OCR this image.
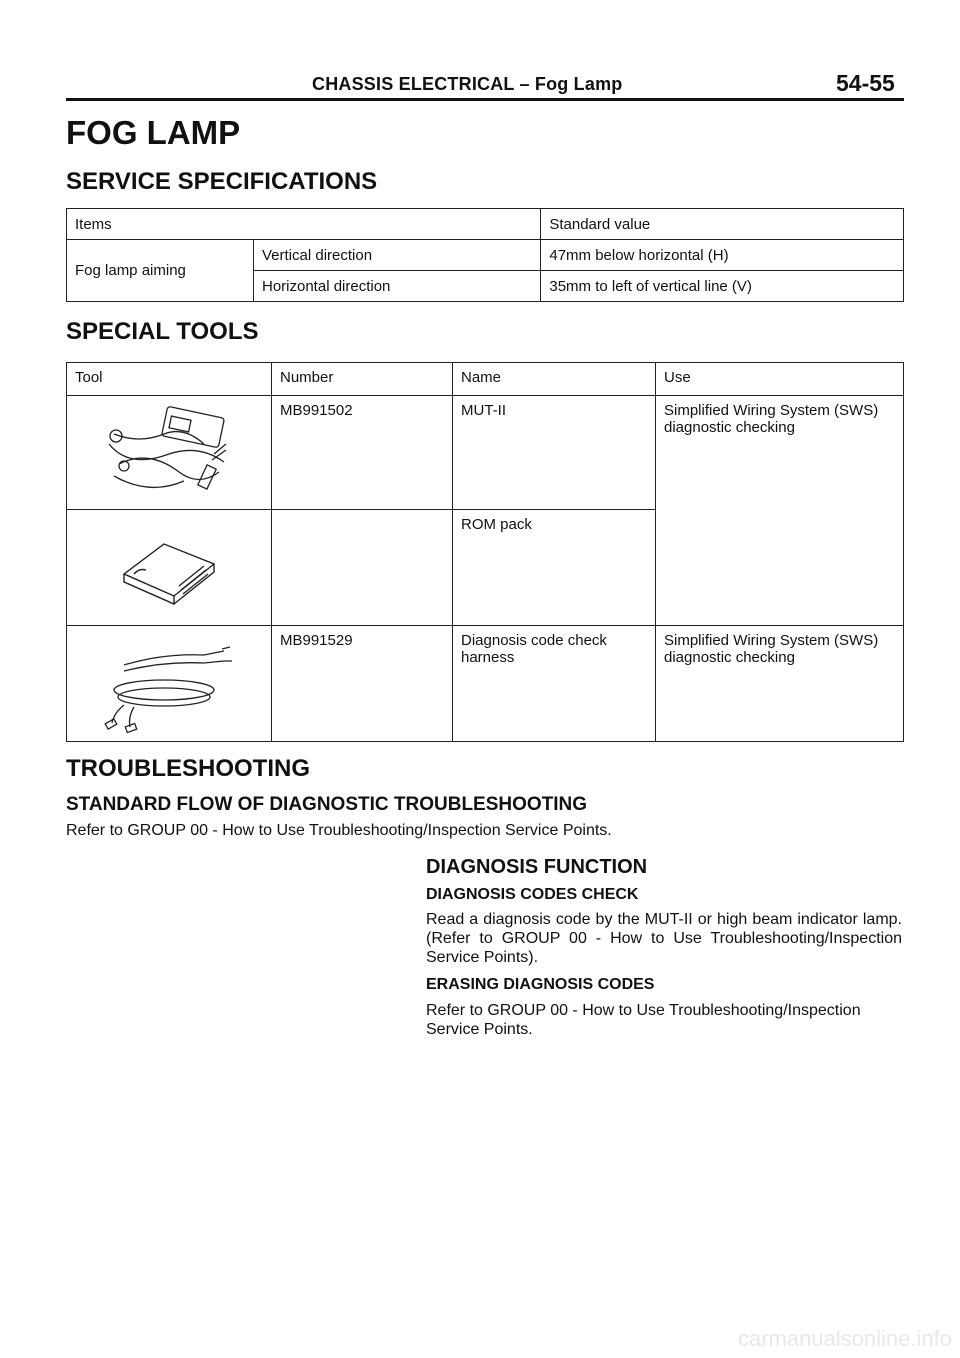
CHASSIS ELECTRICAL – Fog Lamp	54-55
FOG LAMP
SERVICE SPECIFICATIONS
Items		Standard value
Fog lamp aiming	Vertical direction	47mm below horizontal (H)
	Horizontal direction	35mm to left of vertical line (V)
SPECIAL TOOLS
Tool	Number	Name	Use
	MB991502	MUT-II	Simplified Wiring System (SWS) diagnostic checking
		ROM pack	
	MB991529	Diagnosis code check harness	Simplified Wiring System (SWS) diagnostic checking
TROUBLESHOOTING
STANDARD FLOW OF DIAGNOSTIC TROUBLESHOOTING
Refer to GROUP 00 - How to Use Troubleshooting/Inspection Service Points.
DIAGNOSIS FUNCTION
DIAGNOSIS CODES CHECK
Read a diagnosis code by the MUT-II or high beam indicator lamp. (Refer to GROUP 00 - How to Use Troubleshooting/Inspection Service Points).
ERASING DIAGNOSIS CODES
Refer to GROUP 00 - How to Use Troubleshooting/Inspection Service Points.
carmanualsonline.info
